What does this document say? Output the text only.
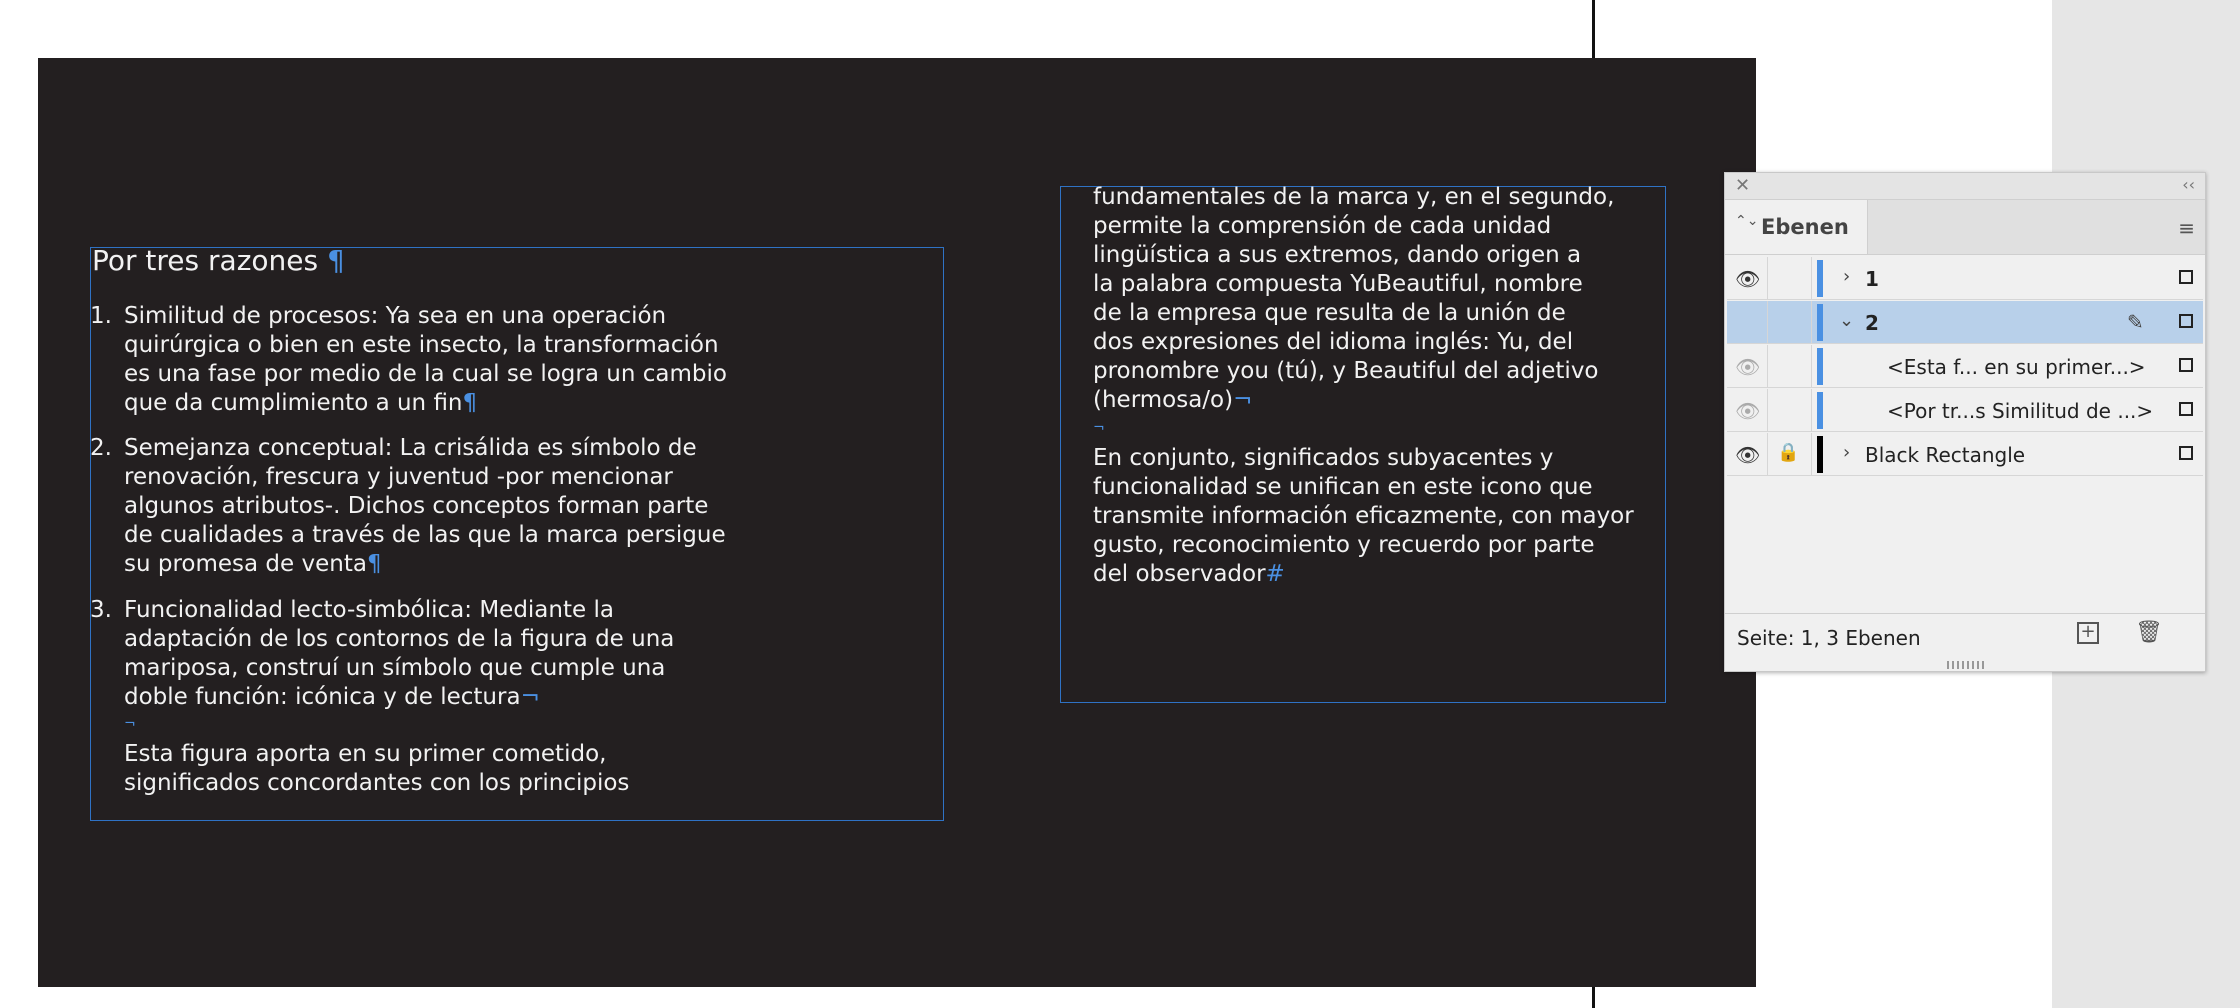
Por tres razones ¶
1. Similitud de procesos: Ya sea en una operación
quirúrgica o bien en este insecto, la transformación
es una fase por medio de la cual se logra un cambio
que da cumplimiento a un fin¶
2. Semejanza conceptual: La crisálida es símbolo de
renovación, frescura y juventud -por mencionar
algunos atributos-. Dichos conceptos forman parte
de cualidades a través de las que la marca persigue
su promesa de venta¶
3. Funcionalidad lecto-simbólica: Mediante la
adaptación de los contornos de la figura de una
mariposa, construí un símbolo que cumple una
doble función: icónica y de lectura¬
¬
Esta figura aporta en su primer cometido,
significados concordantes con los principios
fundamentales de la marca y, en el segundo,
permite la comprensión de cada unidad
lingüística a sus extremos, dando origen a
la palabra compuesta YuBeautiful, nombre
de la empresa que resulta de la unión de
dos expresiones del idioma inglés: Yu, del
pronombre you (tú), y Beautiful del adjetivo
(hermosa/o)¬
¬
En conjunto, significados subyacentes y
funcionalidad se unifican en este icono que
transmite información eficazmente, con mayor
gusto, reconocimiento y recuerdo por parte
del observador#
✕	‹‹
⌃⌄ Ebenen	≡
👁	› 1
⌄ 2	✎
👁	<Esta f... en su primer...>
👁	<Por tr...s Similitud de ...>
👁 🔒 › Black Rectangle
Seite: 1, 3 Ebenen	+ 🗑
